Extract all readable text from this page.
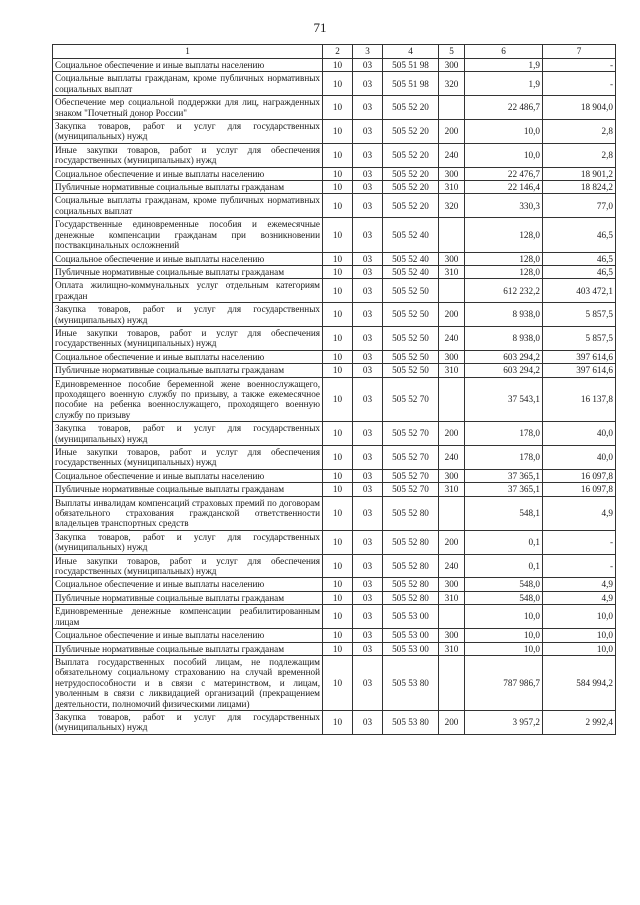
71
1	2	3	4	5	6	7
Социальное обеспечение и иные выплаты населению	10	03	505 51 98	300	1,9	-
Социальные выплаты гражданам, кроме публичных нормативных социальных выплат	10	03	505 51 98	320	1,9	-
Обеспечение мер социальной поддержки для лиц, награжденных знаком "Почетный донор России"	10	03	505 52 20		22 486,7	18 904,0
Закупка товаров, работ и услуг для государственных (муниципальных) нужд	10	03	505 52 20	200	10,0	2,8
Иные закупки товаров, работ и услуг для обеспечения государственных (муниципальных) нужд	10	03	505 52 20	240	10,0	2,8
Социальное обеспечение и иные выплаты населению	10	03	505 52 20	300	22 476,7	18 901,2
Публичные нормативные социальные выплаты гражданам	10	03	505 52 20	310	22 146,4	18 824,2
Социальные выплаты гражданам, кроме публичных нормативных социальных выплат	10	03	505 52 20	320	330,3	77,0
Государственные единовременные пособия и ежемесячные денежные компенсации гражданам при возникновении поствакцинальных осложнений	10	03	505 52 40		128,0	46,5
Социальное обеспечение и иные выплаты населению	10	03	505 52 40	300	128,0	46,5
Публичные нормативные социальные выплаты гражданам	10	03	505 52 40	310	128,0	46,5
Оплата жилищно-коммунальных услуг отдельным категориям граждан	10	03	505 52 50		612 232,2	403 472,1
Закупка товаров, работ и услуг для государственных (муниципальных) нужд	10	03	505 52 50	200	8 938,0	5 857,5
Иные закупки товаров, работ и услуг для обеспечения государственных (муниципальных) нужд	10	03	505 52 50	240	8 938,0	5 857,5
Социальное обеспечение и иные выплаты населению	10	03	505 52 50	300	603 294,2	397 614,6
Публичные нормативные социальные выплаты гражданам	10	03	505 52 50	310	603 294,2	397 614,6
Единовременное пособие беременной жене военнослужащего, проходящего военную службу по призыву, а также ежемесячное пособие на ребенка военнослужащего, проходящего военную службу по призыву	10	03	505 52 70		37 543,1	16 137,8
Закупка товаров, работ и услуг для государственных (муниципальных) нужд	10	03	505 52 70	200	178,0	40,0
Иные закупки товаров, работ и услуг для обеспечения государственных (муниципальных) нужд	10	03	505 52 70	240	178,0	40,0
Социальное обеспечение и иные выплаты населению	10	03	505 52 70	300	37 365,1	16 097,8
Публичные нормативные социальные выплаты гражданам	10	03	505 52 70	310	37 365,1	16 097,8
Выплаты инвалидам компенсаций страховых премий по договорам обязательного страхования гражданской ответственности владельцев транспортных средств	10	03	505 52 80		548,1	4,9
Закупка товаров, работ и услуг для государственных (муниципальных) нужд	10	03	505 52 80	200	0,1	-
Иные закупки товаров, работ и услуг для обеспечения государственных (муниципальных) нужд	10	03	505 52 80	240	0,1	-
Социальное обеспечение и иные выплаты населению	10	03	505 52 80	300	548,0	4,9
Публичные нормативные социальные выплаты гражданам	10	03	505 52 80	310	548,0	4,9
Единовременные денежные компенсации реабилитированным лицам	10	03	505 53 00		10,0	10,0
Социальное обеспечение и иные выплаты населению	10	03	505 53 00	300	10,0	10,0
Публичные нормативные социальные выплаты гражданам	10	03	505 53 00	310	10,0	10,0
Выплата государственных пособий лицам, не подлежащим обязательному социальному страхованию на случай временной нетрудоспособности и в связи с материнством, и лицам, уволенным в связи с ликвидацией организаций (прекращением деятельности, полномочий физическими лицами)	10	03	505 53 80		787 986,7	584 994,2
Закупка товаров, работ и услуг для государственных (муниципальных) нужд	10	03	505 53 80	200	3 957,2	2 992,4
